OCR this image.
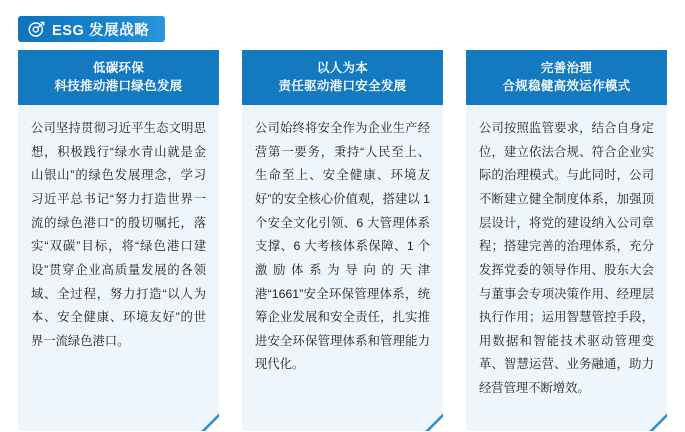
ESG 发展战略
低碳环保
科技推动港口绿色发展
公司坚持贯彻习近平生态文明思想，积极践行“绿水青山就是金山银山”的绿色发展理念，学习习近平总书记“努力打造世界一流的绿色港口”的殷切嘱托，落实“双碳”目标，将“绿色港口建设”贯穿企业高质量发展的各领域、全过程，努力打造“以人为本、安全健康、环境友好”的世界一流绿色港口。
以人为本
责任驱动港口安全发展
公司始终将安全作为企业生产经营第一要务，秉持“人民至上、生命至上、安全健康、环境友好”的安全核心价值观，搭建以 1 个安全文化引领、6 大管理体系支撑、6 大考核体系保障、1 个激励体系为导向的天津港“1661”安全环保管理体系，统筹企业发展和安全责任，扎实推进安全环保管理体系和管理能力现代化。
完善治理
合规稳健高效运作模式
公司按照监管要求，结合自身定位，建立依法合规、符合企业实际的治理模式。与此同时，公司不断建立健全制度体系，加强顶层设计，将党的建设纳入公司章程；搭建完善的治理体系，充分发挥党委的领导作用、股东大会与董事会专项决策作用、经理层执行作用；运用智慧管控手段，用数据和智能技术驱动管理变革、智慧运营、业务融通，助力经营管理不断增效。
